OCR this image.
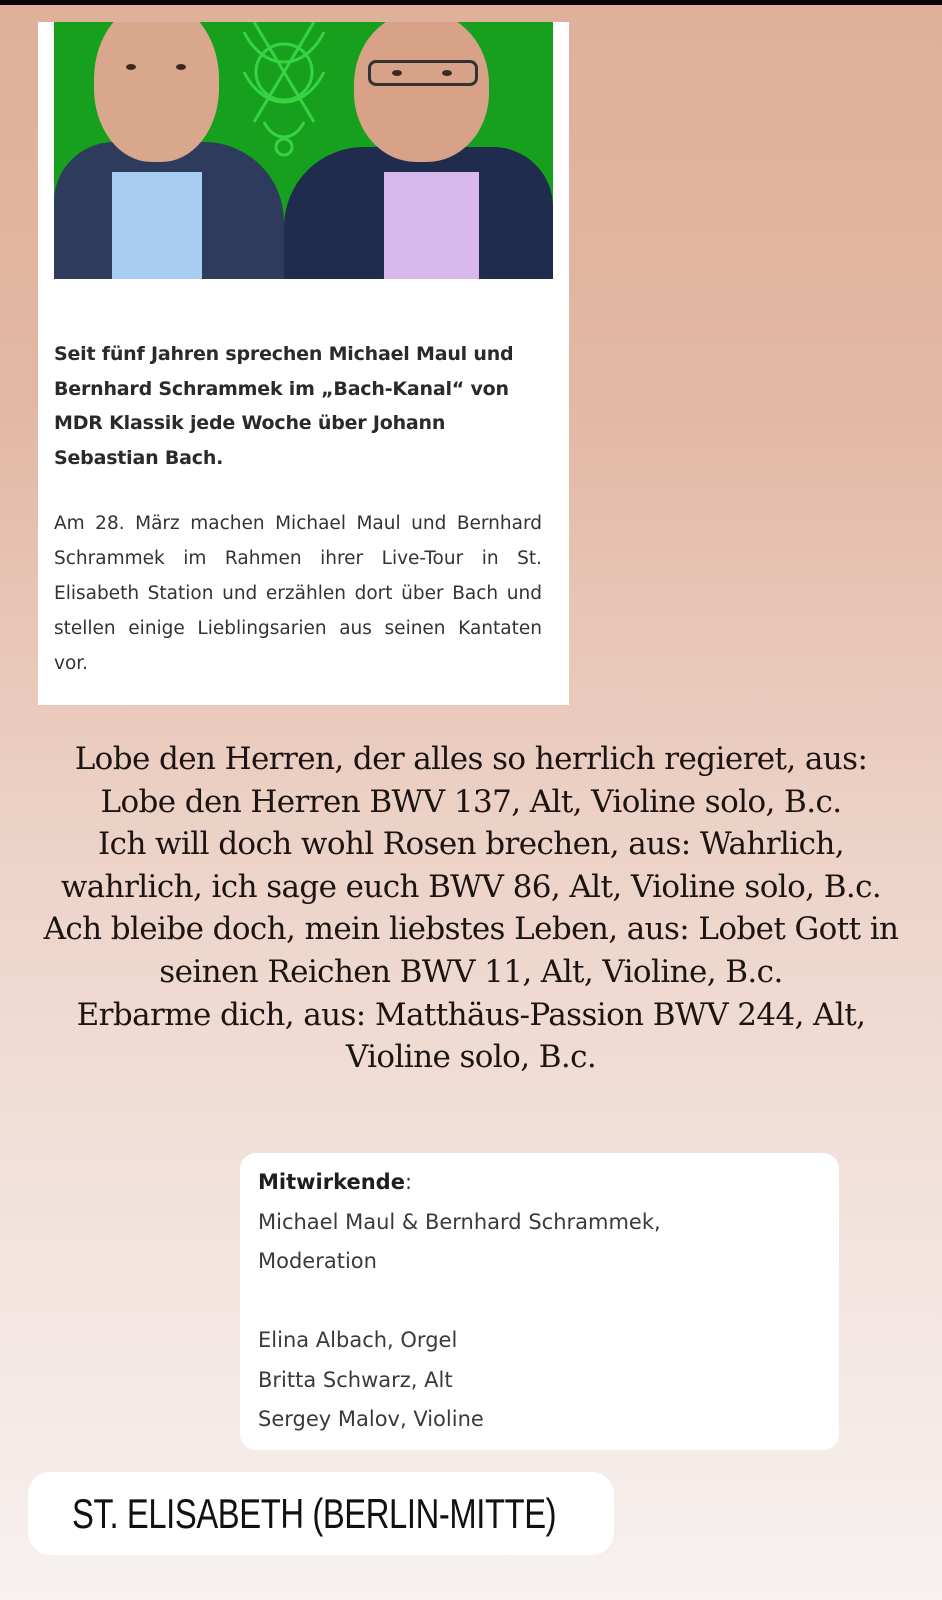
Seit fünf Jahren sprechen Michael Maul und Bernhard Schrammek im „Bach-Kanal“ von MDR Klassik jede Woche über Johann Sebastian Bach.
Am 28. März machen Michael Maul und Bernhard Schrammek im Rahmen ihrer Live-Tour in St. Elisabeth Station und erzählen dort über Bach und stellen einige Lieblingsarien aus seinen Kantaten vor.
Lobe den Herren, der alles so herrlich regieret, aus: Lobe den Herren BWV 137, Alt, Violine solo, B.c.
Ich will doch wohl Rosen brechen, aus: Wahrlich, wahrlich, ich sage euch BWV 86, Alt, Violine solo, B.c.
Ach bleibe doch, mein liebstes Leben, aus: Lobet Gott in seinen Reichen BWV 11, Alt, Violine, B.c.
Erbarme dich, aus: Matthäus-Passion BWV 244, Alt, Violine solo, B.c.
Mitwirkende:
Michael Maul & Bernhard Schrammek,
Moderation
Elina Albach, Orgel
Britta Schwarz, Alt
Sergey Malov, Violine
ST. ELISABETH (BERLIN-MITTE)
